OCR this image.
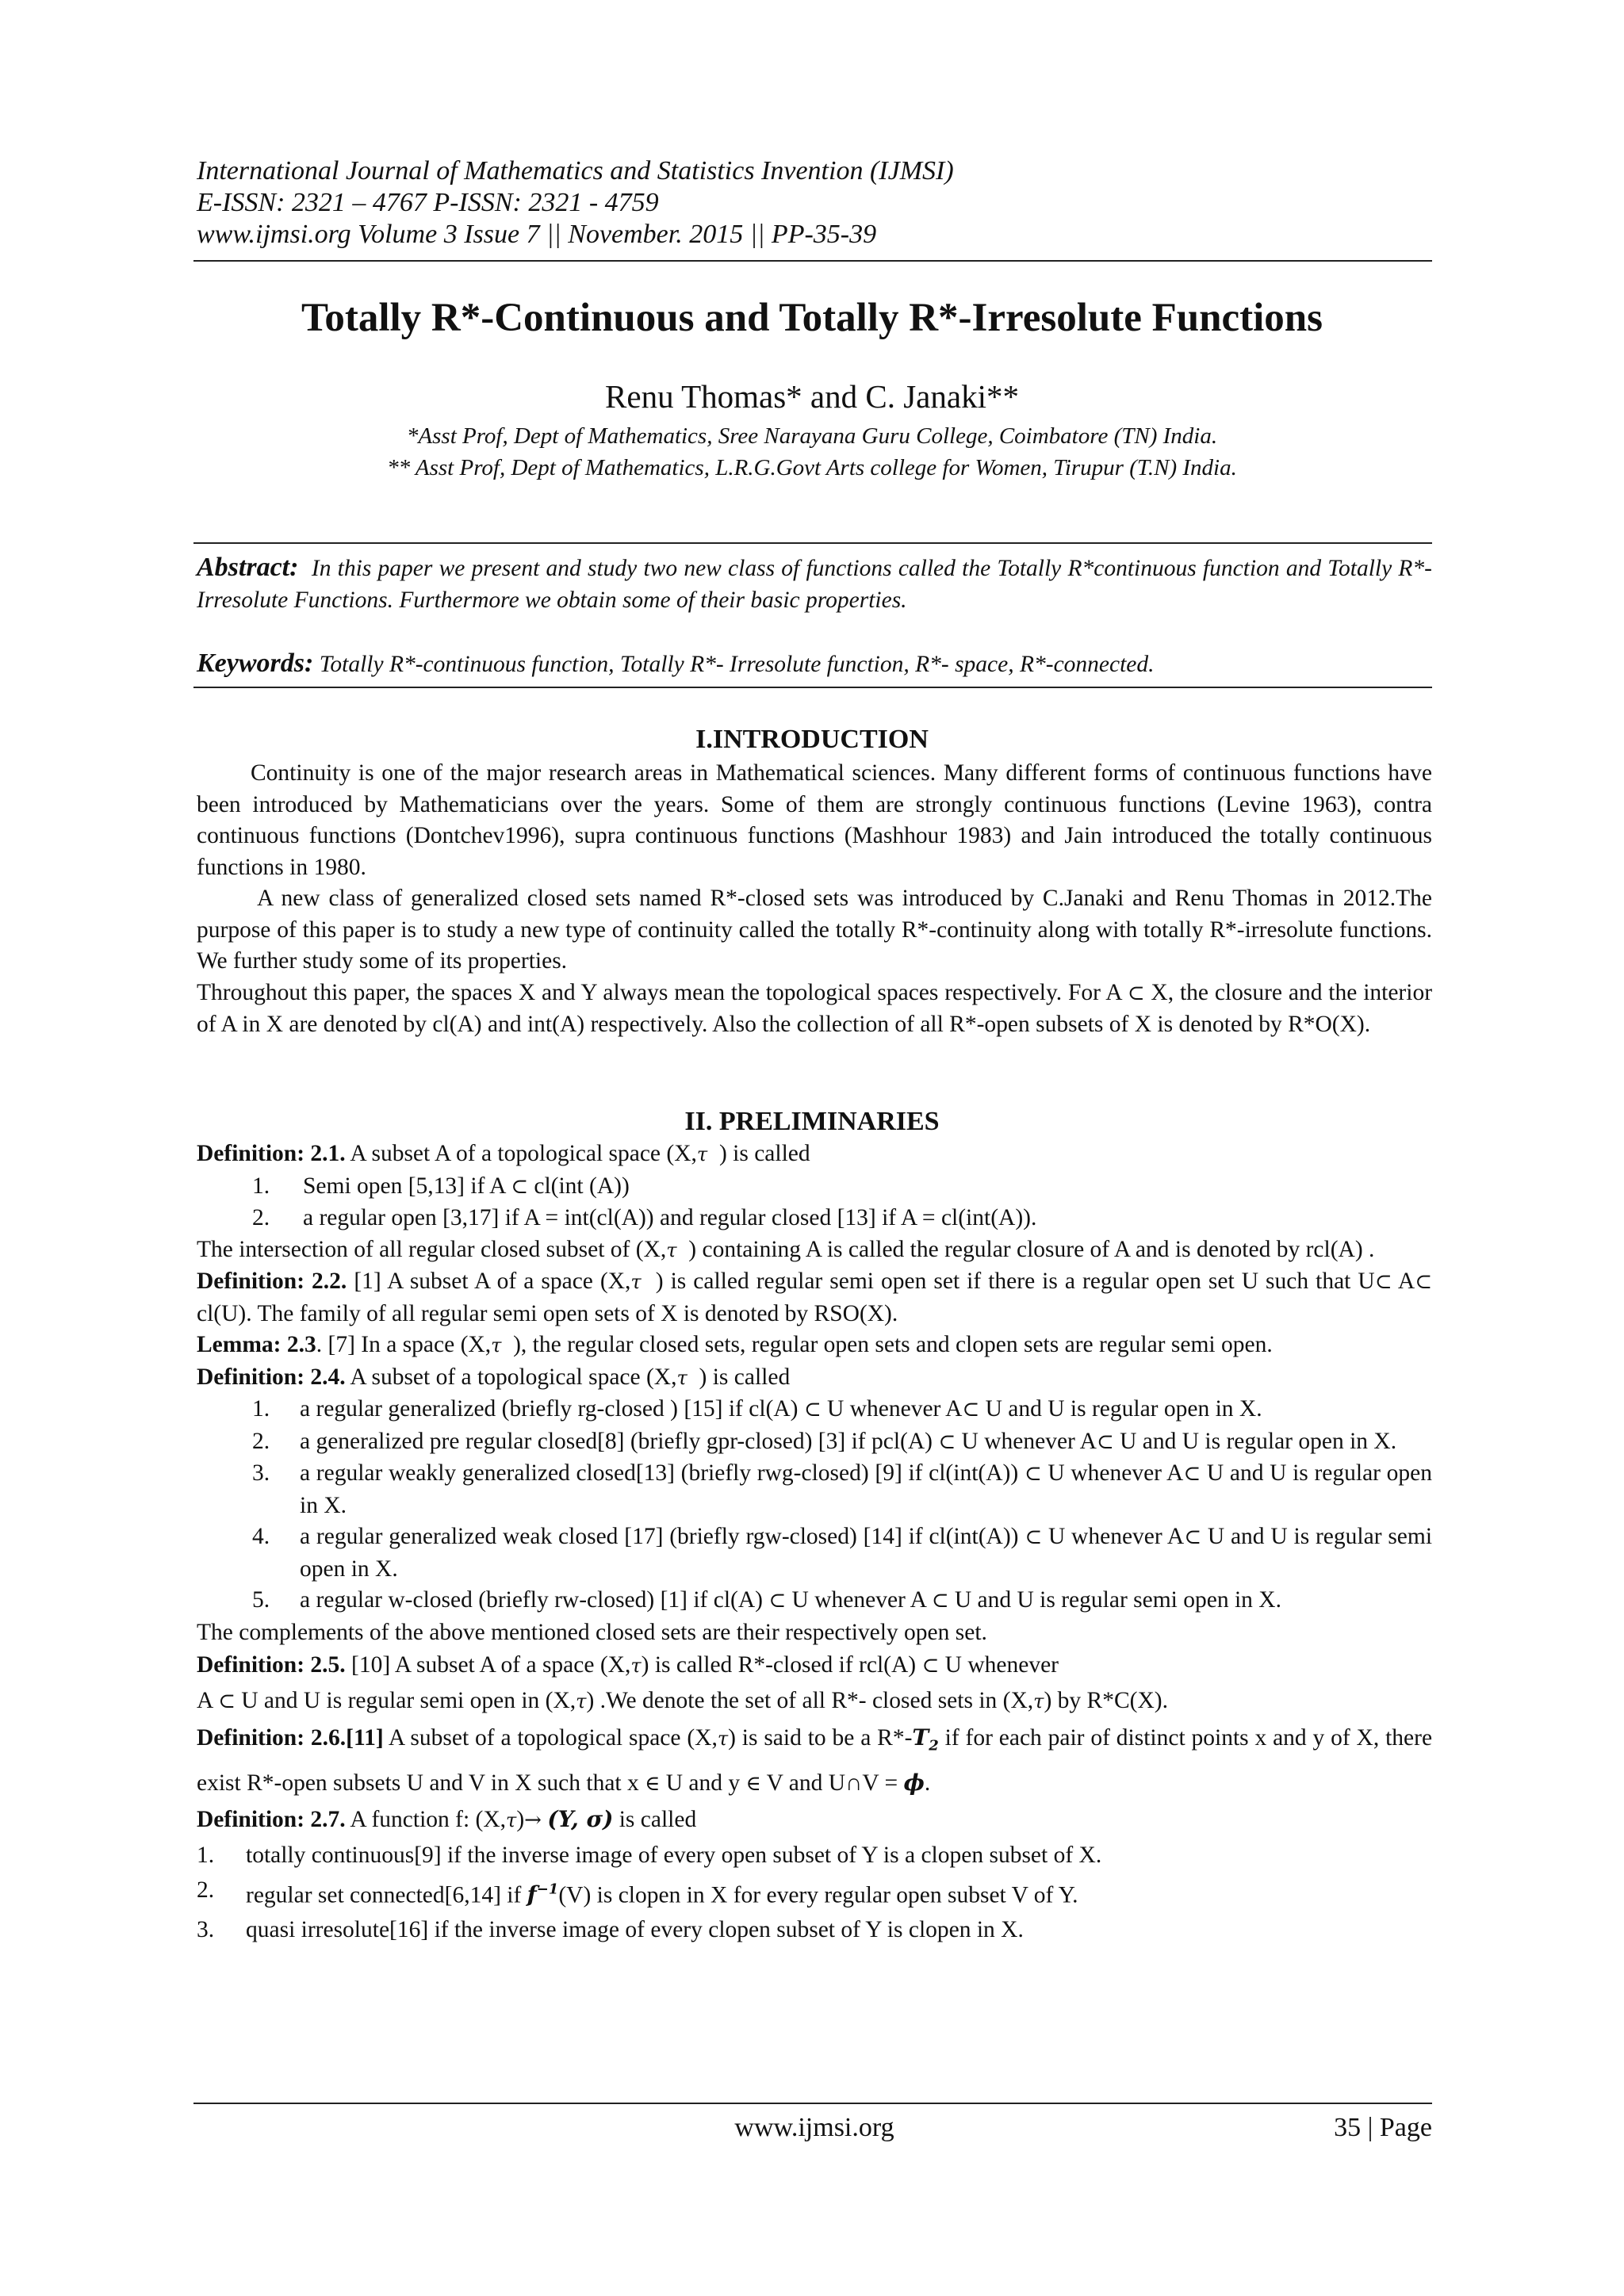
International Journal of Mathematics and Statistics Invention (IJMSI)
E-ISSN: 2321 – 4767 P-ISSN: 2321 - 4759
www.ijmsi.org Volume 3 Issue 7 || November. 2015 || PP-35-39
Totally R*-Continuous and Totally R*-Irresolute Functions
Renu Thomas* and C. Janaki**
*Asst Prof, Dept of Mathematics, Sree Narayana Guru College, Coimbatore (TN) India.
** Asst Prof, Dept of Mathematics, L.R.G.Govt Arts college for Women, Tirupur (T.N) India.
Abstract: In this paper we present and study two new class of functions called the Totally R*continuous function and Totally R*-Irresolute Functions. Furthermore we obtain some of their basic properties.
Keywords: Totally R*-continuous function, Totally R*- Irresolute function, R*- space, R*-connected.
I.INTRODUCTION

Continuity is one of the major research areas in Mathematical sciences. Many different forms of continuous functions have been introduced by Mathematicians over the years. Some of them are strongly continuous functions (Levine 1963), contra continuous functions (Dontchev1996), supra continuous functions (Mashhour 1983) and Jain introduced the totally continuous functions in 1980.

A new class of generalized closed sets named R*-closed sets was introduced by C.Janaki and Renu Thomas in 2012.The purpose of this paper is to study a new type of continuity called the totally R*-continuity along with totally R*-irresolute functions. We further study some of its properties.

Throughout this paper, the spaces X and Y always mean the topological spaces respectively. For A ⊂ X, the closure and the interior of A in X are denoted by cl(A) and int(A) respectively. Also the collection of all R*-open subsets of X is denoted by R*O(X).

II. PRELIMINARIES

Definition: 2.1. A subset A of a topological space (X,τ ) is called

1. Semi open [5,13] if A ⊂ cl(int (A))

2. a regular open [3,17] if A = int(cl(A)) and regular closed [13] if A = cl(int(A)).

The intersection of all regular closed subset of (X,τ ) containing A is called the regular closure of A and is denoted by rcl(A) .

Definition: 2.2. [1] A subset A of a space (X,τ ) is called regular semi open set if there is a regular open set U such that U⊂ A⊂ cl(U). The family of all regular semi open sets of X is denoted by RSO(X).

Lemma: 2.3. [7] In a space (X,τ ), the regular closed sets, regular open sets and clopen sets are regular semi open.

Definition: 2.4. A subset of a topological space (X,τ ) is called

1. a regular generalized (briefly rg-closed ) [15] if cl(A) ⊂ U whenever A⊂ U and U is regular open in X.

2. a generalized pre regular closed[8] (briefly gpr-closed) [3] if pcl(A) ⊂ U whenever A⊂ U and U is regular open in X.

3. a regular weakly generalized closed[13] (briefly rwg-closed) [9] if cl(int(A)) ⊂ U whenever A⊂ U and U is regular open in X.

4. a regular generalized weak closed [17] (briefly rgw-closed) [14] if cl(int(A)) ⊂ U whenever A⊂ U and U is regular semi open in X.

5. a regular w-closed (briefly rw-closed) [1] if cl(A) ⊂ U whenever A ⊂ U and U is regular semi open in X.

The complements of the above mentioned closed sets are their respectively open set.

Definition: 2.5. [10] A subset A of a space (X,τ) is called R*-closed if rcl(A) ⊂ U whenever

A ⊂ U and U is regular semi open in (X,τ) .We denote the set of all R*- closed sets in (X,τ) by R*C(X).

Definition: 2.6.[11] A subset of a topological space (X,τ) is said to be a $R*-T_2$ if for each pair of distinct points x and y of X, there exist R*-open subsets U and V in X such that x ∈ U and y ∈ V and U∩V = ϕ.

Definition: 2.7. A function f: (X,τ)→ (Y, σ) is called

1. totally continuous[9] if the inverse image of every open subset of Y is a clopen subset of X.

2. regular set connected[6,14] if $f^{-1}(V)$ is clopen in X for every regular open subset V of Y.

3. quasi irresolute[16] if the inverse image of every clopen subset of Y is clopen in X.

www.ijmsi.org	35 | Page
